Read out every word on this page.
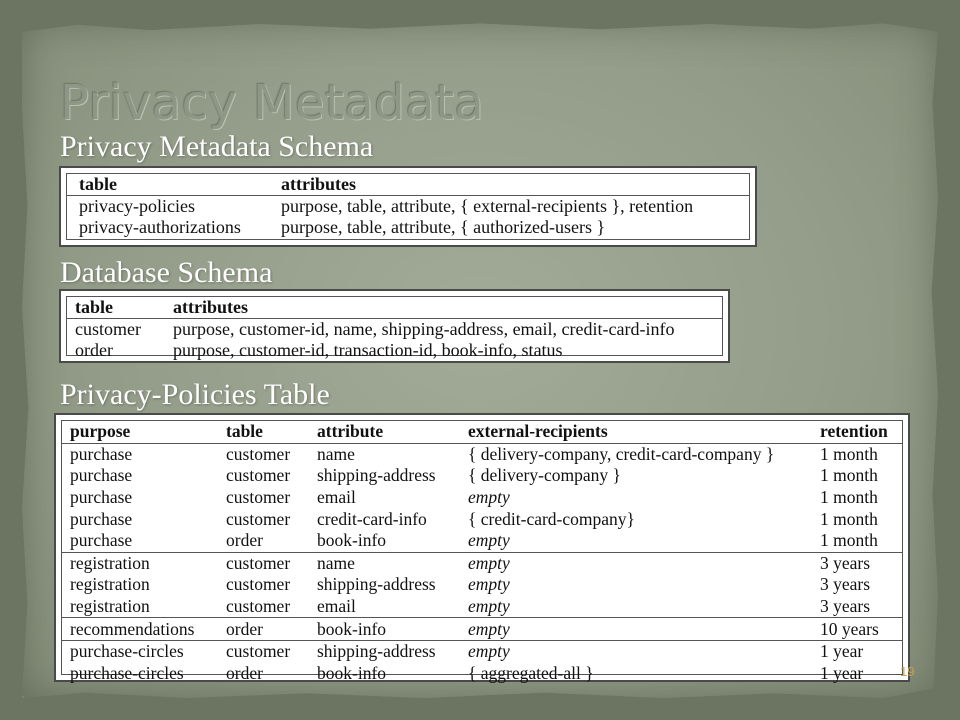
Privacy Metadata
Privacy Metadata Schema
table	attributes
privacy-policies	purpose, table, attribute, { external-recipients }, retention
privacy-authorizations	purpose, table, attribute, { authorized-users }
Database Schema
table	attributes
customer	purpose, customer-id, name, shipping-address, email, credit-card-info
order	purpose, customer-id, transaction-id, book-info, status
Privacy-Policies Table
purpose	table	attribute	external-recipients	retention
purchase	customer	name	{ delivery-company, credit-card-company }	1 month
purchase	customer	shipping-address	{ delivery-company }	1 month
purchase	customer	email	empty	1 month
purchase	customer	credit-card-info	{ credit-card-company}	1 month
purchase	order	book-info	empty	1 month
registration	customer	name	empty	3 years
registration	customer	shipping-address	empty	3 years
registration	customer	email	empty	3 years
recommendations	order	book-info	empty	10 years
purchase-circles	customer	shipping-address	empty	1 year
purchase-circles	order	book-info	{ aggregated-all }	1 year	19
